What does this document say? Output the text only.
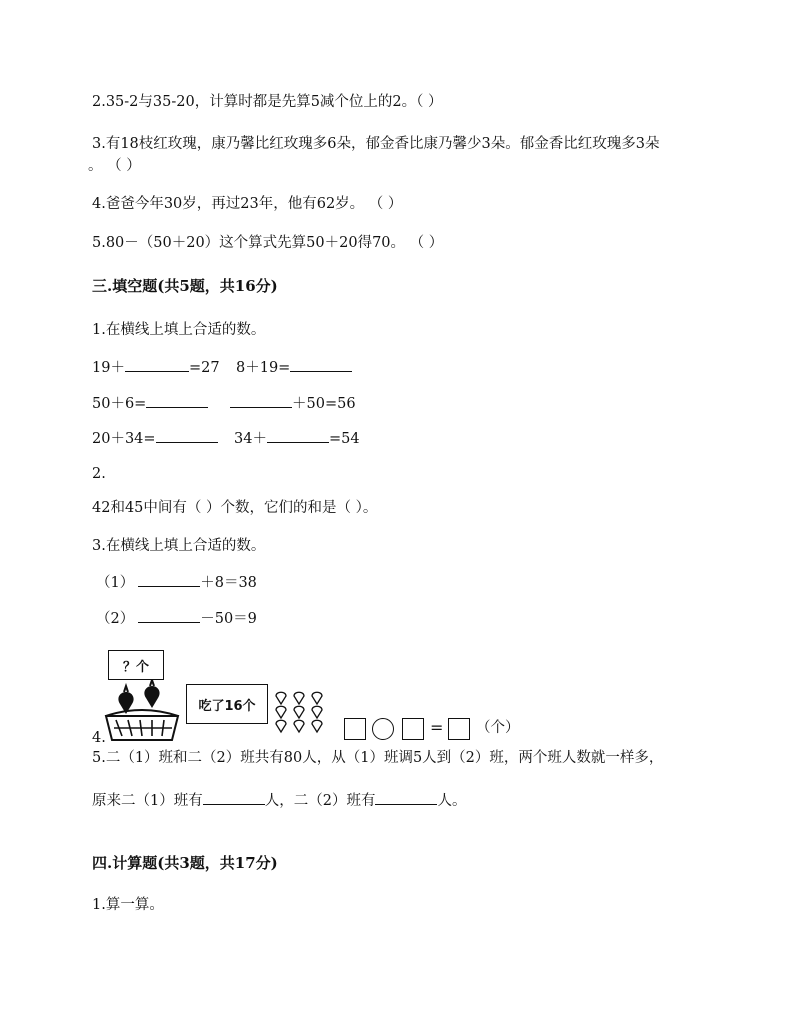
2.35-2与35-20，计算时都是先算5减个位上的2。（ ）
3.有18枝红玫瑰，康乃馨比红玫瑰多6朵，郁金香比康乃馨少3朵。郁金香比红玫瑰多3朵
。 （ ）
4.爸爸今年30岁，再过23年，他有62岁。 （ ）
5.80－（50＋20）这个算式先算50＋20得70。 （ ）
三.填空题(共5题，共16分)
1.在横线上填上合适的数。
19＋	=27 8＋19=
50＋6=	＋50=56
20＋34=	34＋	=54
2.
42和45中间有（ ）个数，它们的和是（ ）。
3.在横线上填上合适的数。
（1）	＋8＝38
（2）	－50＝9
4.
？个
吃了16个
= （个）
5.二（1）班和二（2）班共有80人，从（1）班调5人到（2）班，两个班人数就一样多，
原来二（1）班有	人，二（2）班有	人。
四.计算题(共3题，共17分)
1.算一算。
